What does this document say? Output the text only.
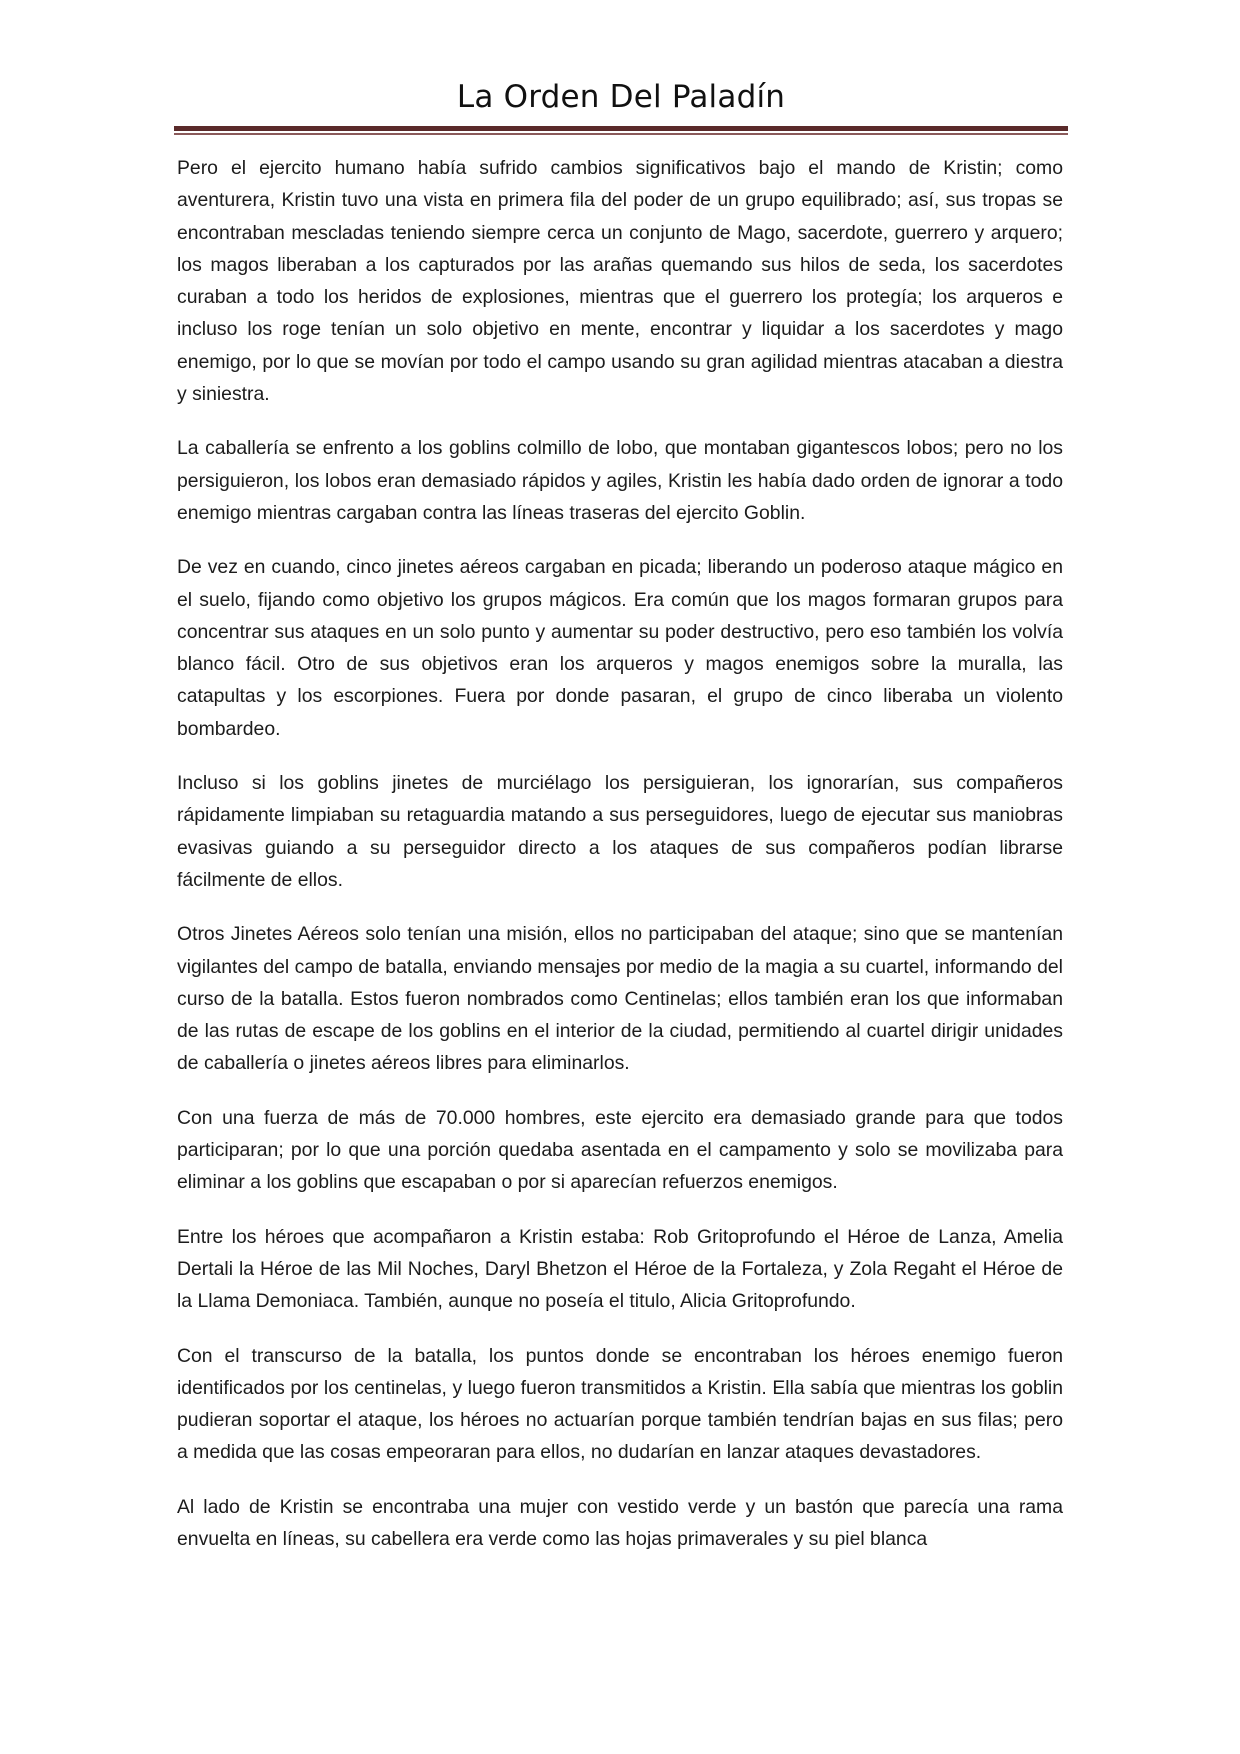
La Orden Del Paladín

Pero el ejercito humano había sufrido cambios significativos bajo el mando de Kristin; como aventurera, Kristin tuvo una vista en primera fila del poder de un grupo equilibrado; así, sus tropas se encontraban mescladas teniendo siempre cerca un conjunto de Mago, sacerdote, guerrero y arquero; los magos liberaban a los capturados por las arañas quemando sus hilos de seda, los sacerdotes curaban a todo los heridos de explosiones, mientras que el guerrero los protegía; los arqueros e incluso los roge tenían un solo objetivo en mente, encontrar y liquidar a los sacerdotes y mago enemigo, por lo que se movían por todo el campo usando su gran agilidad mientras atacaban a diestra y siniestra.

La caballería se enfrento a los goblins colmillo de lobo, que montaban gigantescos lobos; pero no los persiguieron, los lobos eran demasiado rápidos y agiles, Kristin les había dado orden de ignorar a todo enemigo mientras cargaban contra las líneas traseras del ejercito Goblin.

De vez en cuando, cinco jinetes aéreos cargaban en picada; liberando un poderoso ataque mágico en el suelo, fijando como objetivo los grupos mágicos. Era común que los magos formaran grupos para concentrar sus ataques en un solo punto y aumentar su poder destructivo, pero eso también los volvía blanco fácil. Otro de sus objetivos eran los arqueros y magos enemigos sobre la muralla, las catapultas y los escorpiones. Fuera por donde pasaran, el grupo de cinco liberaba un violento bombardeo.

Incluso si los goblins jinetes de murciélago los persiguieran, los ignorarían, sus compañeros rápidamente limpiaban su retaguardia matando a sus perseguidores, luego de ejecutar sus maniobras evasivas guiando a su perseguidor directo a los ataques de sus compañeros podían librarse fácilmente de ellos.

Otros Jinetes Aéreos solo tenían una misión, ellos no participaban del ataque; sino que se mantenían vigilantes del campo de batalla, enviando mensajes por medio de la magia a su cuartel, informando del curso de la batalla. Estos fueron nombrados como Centinelas; ellos también eran los que informaban de las rutas de escape de los goblins en el interior de la ciudad, permitiendo al cuartel dirigir unidades de caballería o jinetes aéreos libres para eliminarlos.

Con una fuerza de más de 70.000 hombres, este ejercito era demasiado grande para que todos participaran; por lo que una porción quedaba asentada en el campamento y solo se movilizaba para eliminar a los goblins que escapaban o por si aparecían refuerzos enemigos.

Entre los héroes que acompañaron a Kristin estaba: Rob Gritoprofundo el Héroe de Lanza, Amelia Dertali la Héroe de las Mil Noches, Daryl Bhetzon el Héroe de la Fortaleza, y Zola Regaht el Héroe de la Llama Demoniaca. También, aunque no poseía el titulo, Alicia Gritoprofundo.

Con el transcurso de la batalla, los puntos donde se encontraban los héroes enemigo fueron identificados por los centinelas, y luego fueron transmitidos a Kristin. Ella sabía que mientras los goblin pudieran soportar el ataque, los héroes no actuarían porque también tendrían bajas en sus filas; pero a medida que las cosas empeoraran para ellos, no dudarían en lanzar ataques devastadores.

Al lado de Kristin se encontraba una mujer con vestido verde y un bastón que parecía una rama envuelta en líneas, su cabellera era verde como las hojas primaverales y su piel blanca
